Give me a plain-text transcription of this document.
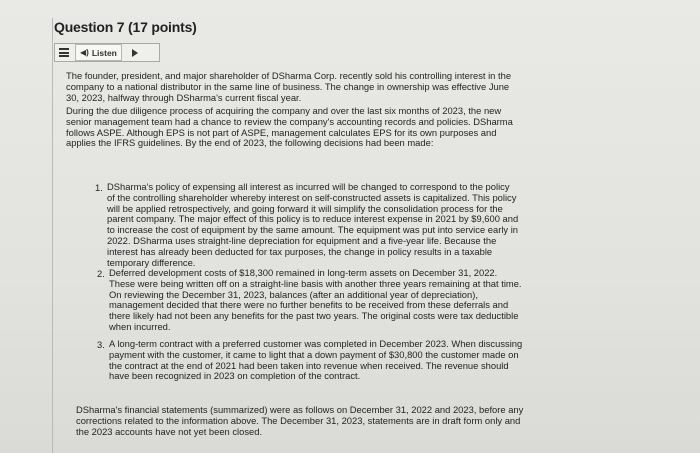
Question 7 (17 points)
◀) Listen
The founder, president, and major shareholder of DSharma Corp. recently sold his controlling interest in the
company to a national distributor in the same line of business. The change in ownership was effective June
30, 2023, halfway through DSharma's current fiscal year.
During the due diligence process of acquiring the company and over the last six months of 2023, the new
senior management team had a chance to review the company's accounting records and policies. DSharma
follows ASPE. Although EPS is not part of ASPE, management calculates EPS for its own purposes and
applies the IFRS guidelines. By the end of 2023, the following decisions had been made:
1. DSharma's policy of expensing all interest as incurred will be changed to correspond to the policy
of the controlling shareholder whereby interest on self-constructed assets is capitalized. This policy
will be applied retrospectively, and going forward it will simplify the consolidation process for the
parent company. The major effect of this policy is to reduce interest expense in 2021 by $9,600 and
to increase the cost of equipment by the same amount. The equipment was put into service early in
2022. DSharma uses straight-line depreciation for equipment and a five-year life. Because the
interest has already been deducted for tax purposes, the change in policy results in a taxable
temporary difference.
2. Deferred development costs of $18,300 remained in long-term assets on December 31, 2022.
These were being written off on a straight-line basis with another three years remaining at that time.
On reviewing the December 31, 2023, balances (after an additional year of depreciation),
management decided that there were no further benefits to be received from these deferrals and
there likely had not been any benefits for the past two years. The original costs were tax deductible
when incurred.
3. A long-term contract with a preferred customer was completed in December 2023. When discussing
payment with the customer, it came to light that a down payment of $30,800 the customer made on
the contract at the end of 2021 had been taken into revenue when received. The revenue should
have been recognized in 2023 on completion of the contract.
DSharma's financial statements (summarized) were as follows on December 31, 2022 and 2023, before any
corrections related to the information above. The December 31, 2023, statements are in draft form only and
the 2023 accounts have not yet been closed.
